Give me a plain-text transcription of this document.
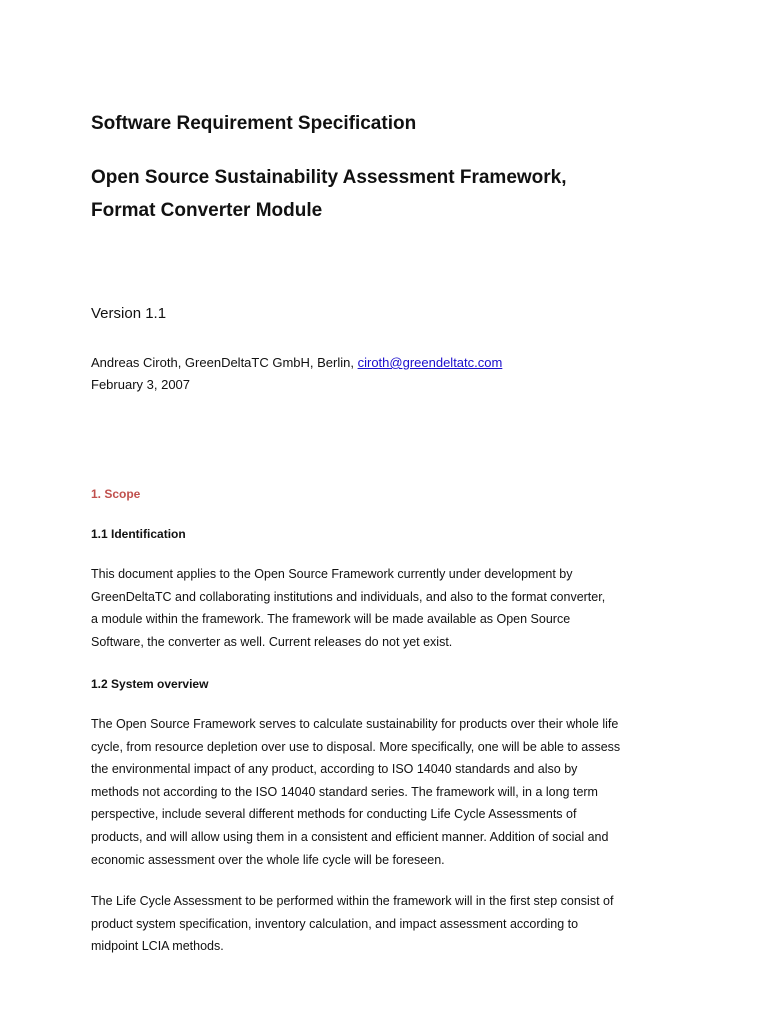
Software Requirement Specification
Open Source Sustainability Assessment Framework,
Format Converter Module

Version 1.1

Andreas Ciroth, GreenDeltaTC GmbH, Berlin, ciroth@greendeltatc.com

February 3, 2007

1. Scope
1.1 Identification

This document applies to the Open Source Framework currently under development by
GreenDeltaTC and collaborating institutions and individuals, and also to the format converter,
a module within the framework. The framework will be made available as Open Source
Software, the converter as well. Current releases do not yet exist.

1.2 System overview

The Open Source Framework serves to calculate sustainability for products over their whole life
cycle, from resource depletion over use to disposal. More specifically, one will be able to assess
the environmental impact of any product, according to ISO 14040 standards and also by
methods not according to the ISO 14040 standard series. The framework will, in a long term
perspective, include several different methods for conducting Life Cycle Assessments of
products, and will allow using them in a consistent and efficient manner. Addition of social and
economic assessment over the whole life cycle will be foreseen.

The Life Cycle Assessment to be performed within the framework will in the first step consist of
product system specification, inventory calculation, and impact assessment according to
midpoint LCIA methods.
